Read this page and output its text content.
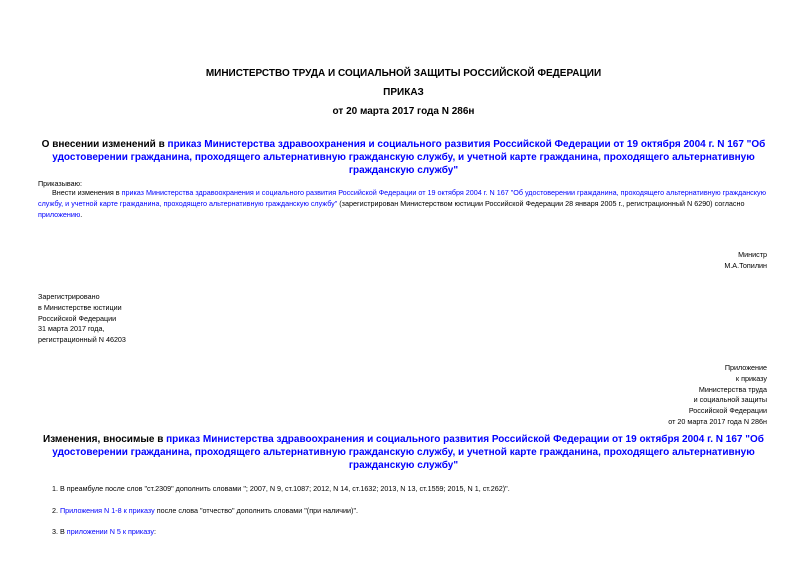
МИНИСТЕРСТВО ТРУДА И СОЦИАЛЬНОЙ ЗАЩИТЫ РОССИЙСКОЙ ФЕДЕРАЦИИ
ПРИКАЗ
от 20 марта 2017 года N 286н
О внесении изменений в приказ Министерства здравоохранения и социального развития Российской Федерации от 19 октября 2004 г. N 167 "Об удостоверении гражданина, проходящего альтернативную гражданскую службу, и учетной карте гражданина, проходящего альтернативную гражданскую службу"
Приказываю:
Внести изменения в приказ Министерства здравоохранения и социального развития Российской Федерации от 19 октября 2004 г. N 167 "Об удостоверении гражданина, проходящего альтернативную гражданскую службу, и учетной карте гражданина, проходящего альтернативную гражданскую службу" (зарегистрирован Министерством юстиции Российской Федерации 28 января 2005 г., регистрационный N 6290) согласно приложению.
Министр
М.А.Топилин
Зарегистрировано
в Министерстве юстиции
Российской Федерации
31 марта 2017 года,
регистрационный N 46203
Приложение
к приказу
Министерства труда
и социальной защиты
Российской Федерации
от 20 марта 2017 года N 286н
Изменения, вносимые в приказ Министерства здравоохранения и социального развития Российской Федерации от 19 октября 2004 г. N 167 "Об удостоверении гражданина, проходящего альтернативную гражданскую службу, и учетной карте гражданина, проходящего альтернативную гражданскую службу"
1. В преамбуле после слов "ст.2309" дополнить словами "; 2007, N 9, ст.1087; 2012, N 14, ст.1632; 2013, N 13, ст.1559; 2015, N 1, ст.262)".
2. Приложения N 1-8 к приказу после слова "отчество" дополнить словами "(при наличии)".
3. В приложении N 5 к приказу:
